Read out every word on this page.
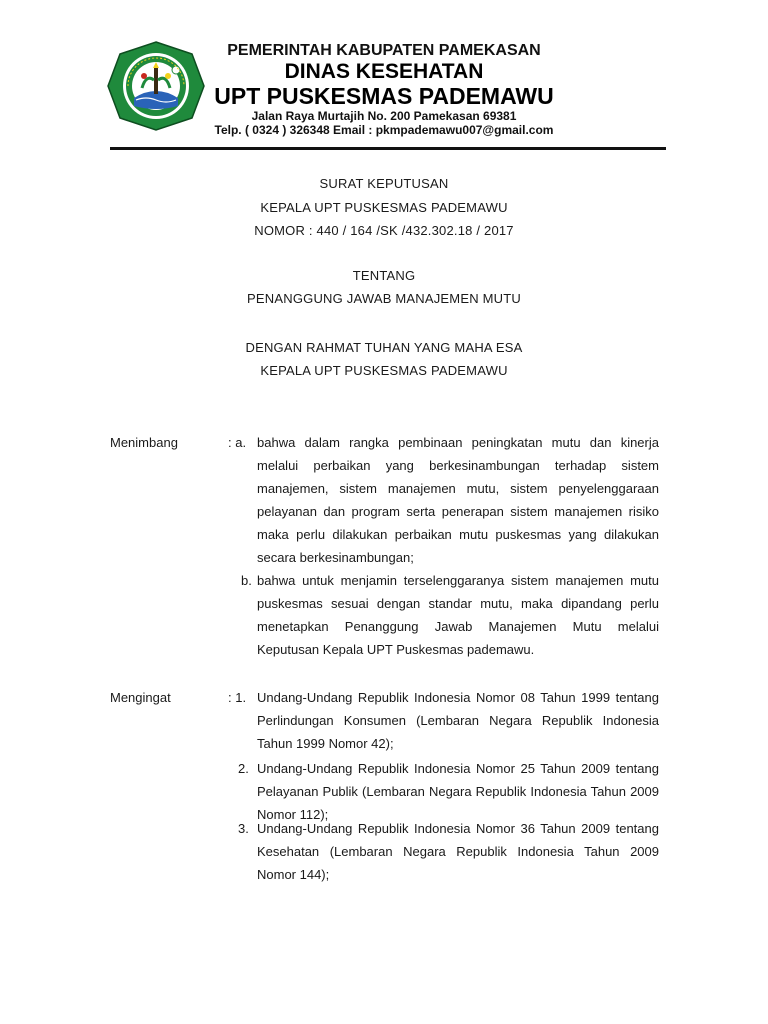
PEMERINTAH KABUPATEN PAMEKASAN
DINAS KESEHATAN
UPT PUSKESMAS PADEMAWU
Jalan Raya Murtajih No. 200 Pamekasan 69381
Telp. ( 0324 ) 326348 Email : pkmpademawu007@gmail.com
SURAT KEPUTUSAN
KEPALA UPT PUSKESMAS PADEMAWU
NOMOR : 440 / 164 /SK /432.302.18 / 2017
TENTANG
PENANGGUNG JAWAB MANAJEMEN MUTU
DENGAN RAHMAT TUHAN YANG MAHA ESA
KEPALA UPT PUSKESMAS PADEMAWU
Menimbang	: a. bahwa dalam rangka pembinaan peningkatan mutu dan kinerja melalui perbaikan yang berkesinambungan terhadap sistem manajemen, sistem manajemen mutu, sistem penyelenggaraan pelayanan dan program serta penerapan sistem manajemen risiko maka perlu dilakukan perbaikan mutu puskesmas yang dilakukan secara berkesinambungan;
b. bahwa untuk menjamin terselenggaranya sistem manajemen mutu puskesmas sesuai dengan standar mutu, maka dipandang perlu menetapkan Penanggung Jawab Manajemen Mutu melalui Keputusan Kepala UPT Puskesmas pademawu.
Mengingat	: 1. Undang-Undang Republik Indonesia Nomor 08 Tahun 1999 tentang Perlindungan Konsumen (Lembaran Negara Republik Indonesia Tahun 1999 Nomor 42);
2. Undang-Undang Republik Indonesia Nomor 25 Tahun 2009 tentang Pelayanan Publik (Lembaran Negara Republik Indonesia Tahun 2009 Nomor 112);
3. Undang-Undang Republik Indonesia Nomor 36 Tahun 2009 tentang Kesehatan (Lembaran Negara Republik Indonesia Tahun 2009 Nomor 144);
